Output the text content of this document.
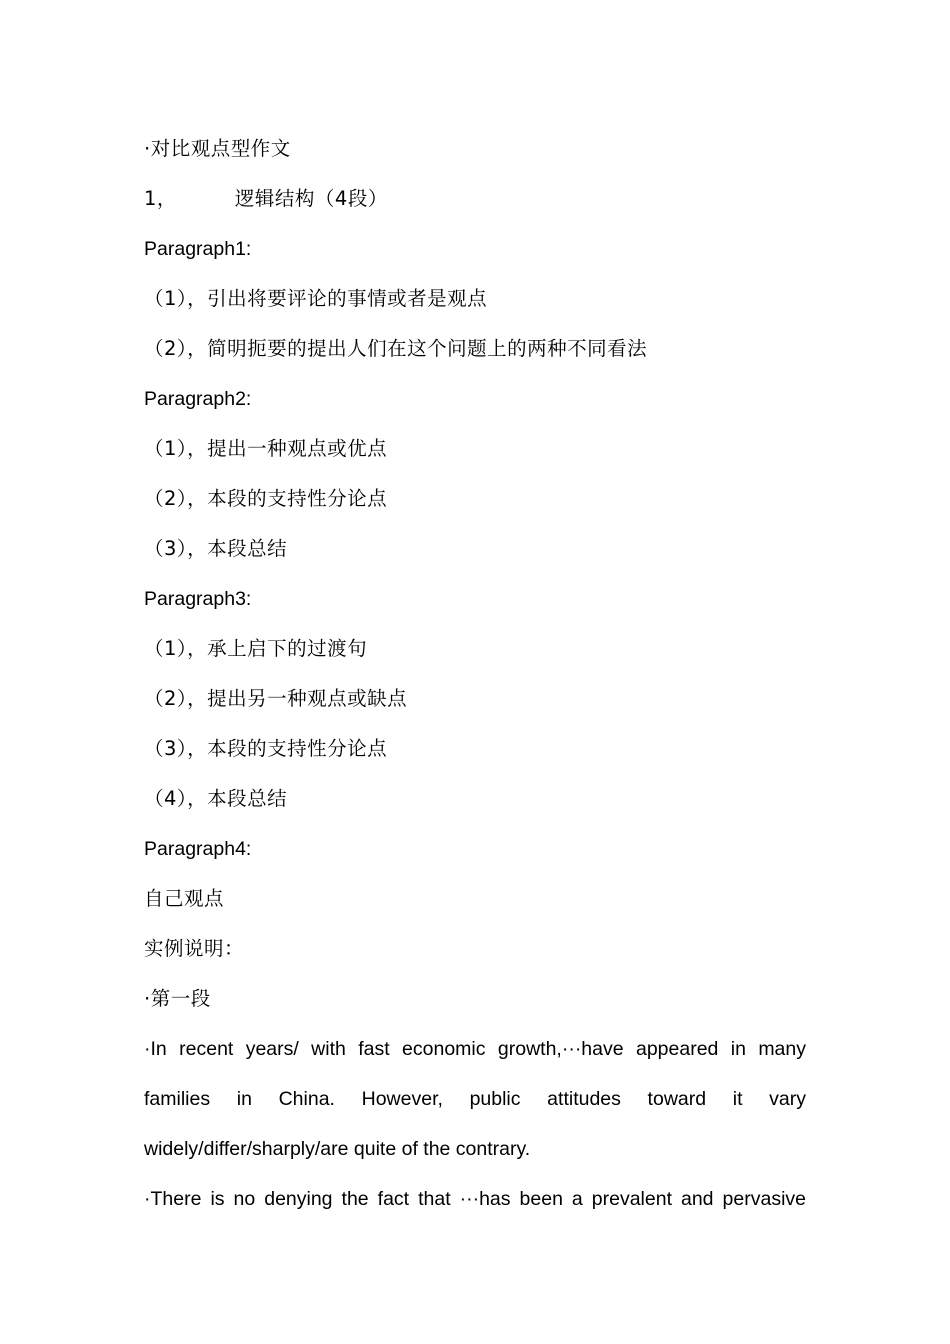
·对比观点型作文
1，	逻辑结构（4段）
Paragraph1:
（1），引出将要评论的事情或者是观点
（2），简明扼要的提出人们在这个问题上的两种不同看法
Paragraph2:
（1），提出一种观点或优点
（2），本段的支持性分论点
（3），本段总结
Paragraph3:
（1），承上启下的过渡句
（2），提出另一种观点或缺点
（3），本段的支持性分论点
（4），本段总结
Paragraph4:
自己观点
实例说明：
·第一段
·In recent years/ with fast economic growth,···have appeared in many families in China. However, public attitudes toward it vary widely/differ/sharply/are quite of the contrary.
·There is no denying the fact that ···has been a prevalent and pervasive
